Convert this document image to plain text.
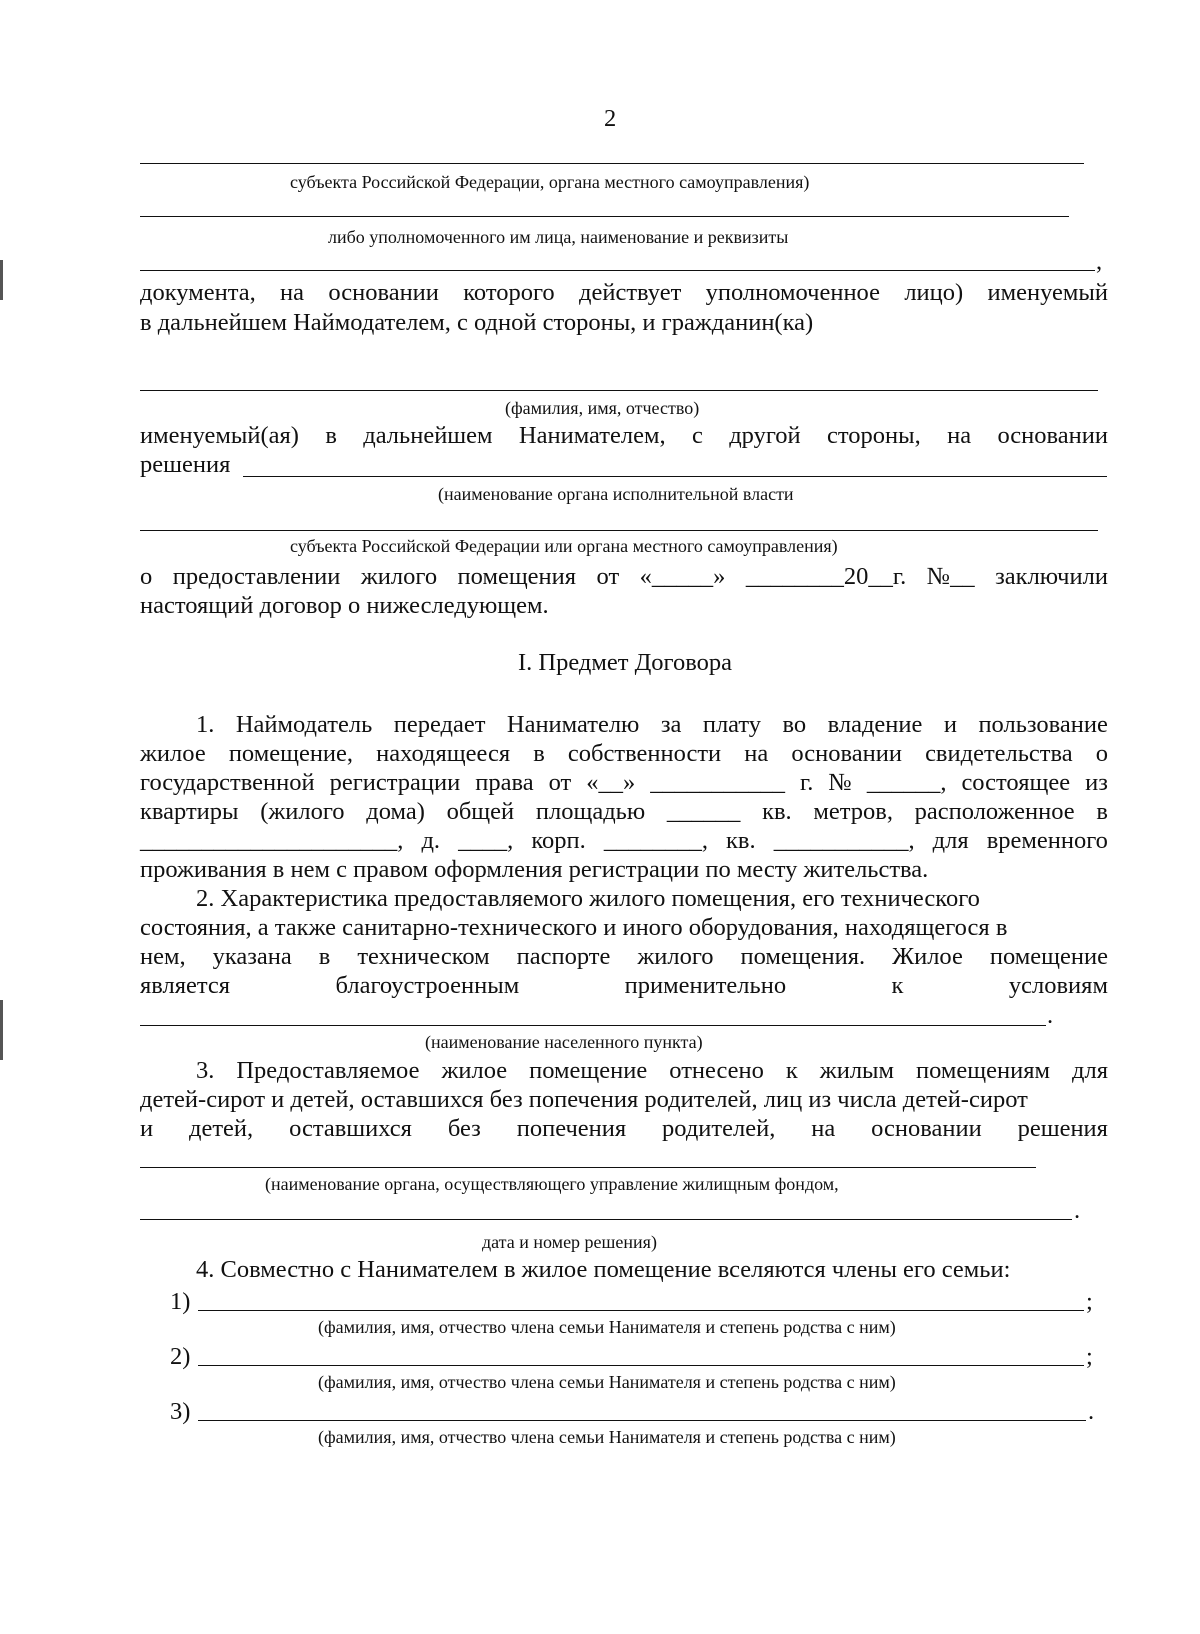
2
субъекта Российской Федерации, органа местного самоуправления)
либо уполномоченного им лица, наименование и реквизиты
,
документа, на основании которого действует уполномоченное лицо) именуемый
в дальнейшем Наймодателем, с одной стороны, и гражданин(ка)
(фамилия, имя, отчество)
именуемый(ая) в дальнейшем Нанимателем, с другой стороны, на основании
решения
(наименование органа исполнительной власти
субъекта Российской Федерации или органа местного самоуправления)
о предоставлении жилого помещения от «_____» ________20__г. №__ заключили
настоящий договор о нижеследующем.
I. Предмет Договора
1. Наймодатель передает Нанимателю за плату во владение и пользование
жилое помещение, находящееся в собственности на основании свидетельства о
государственной регистрации права от «__» ___________ г. № ______, состоящее из
квартиры (жилого дома) общей площадью ______ кв. метров, расположенное в
_____________________, д. ____, корп. ________, кв. ___________, для временного
проживания в нем с правом оформления регистрации по месту жительства.
2. Характеристика предоставляемого жилого помещения, его технического
состояния, а также санитарно-технического и иного оборудования, находящегося в
нем, указана в техническом паспорте жилого помещения. Жилое помещение
является	благоустроенным	применительно	к	условиям
.
(наименование населенного пункта)
3. Предоставляемое жилое помещение отнесено к жилым помещениям для
детей-сирот и детей, оставшихся без попечения родителей, лиц из числа детей-сирот
и детей, оставшихся без попечения родителей, на основании решения
(наименование органа, осуществляющего управление жилищным фондом,
.
дата и номер решения)
4. Совместно с Нанимателем в жилое помещение вселяются члены его семьи:
1)	;
(фамилия, имя, отчество члена семьи Нанимателя и степень родства с ним)
2)	;
(фамилия, имя, отчество члена семьи Нанимателя и степень родства с ним)
3)	.
(фамилия, имя, отчество члена семьи Нанимателя и степень родства с ним)
